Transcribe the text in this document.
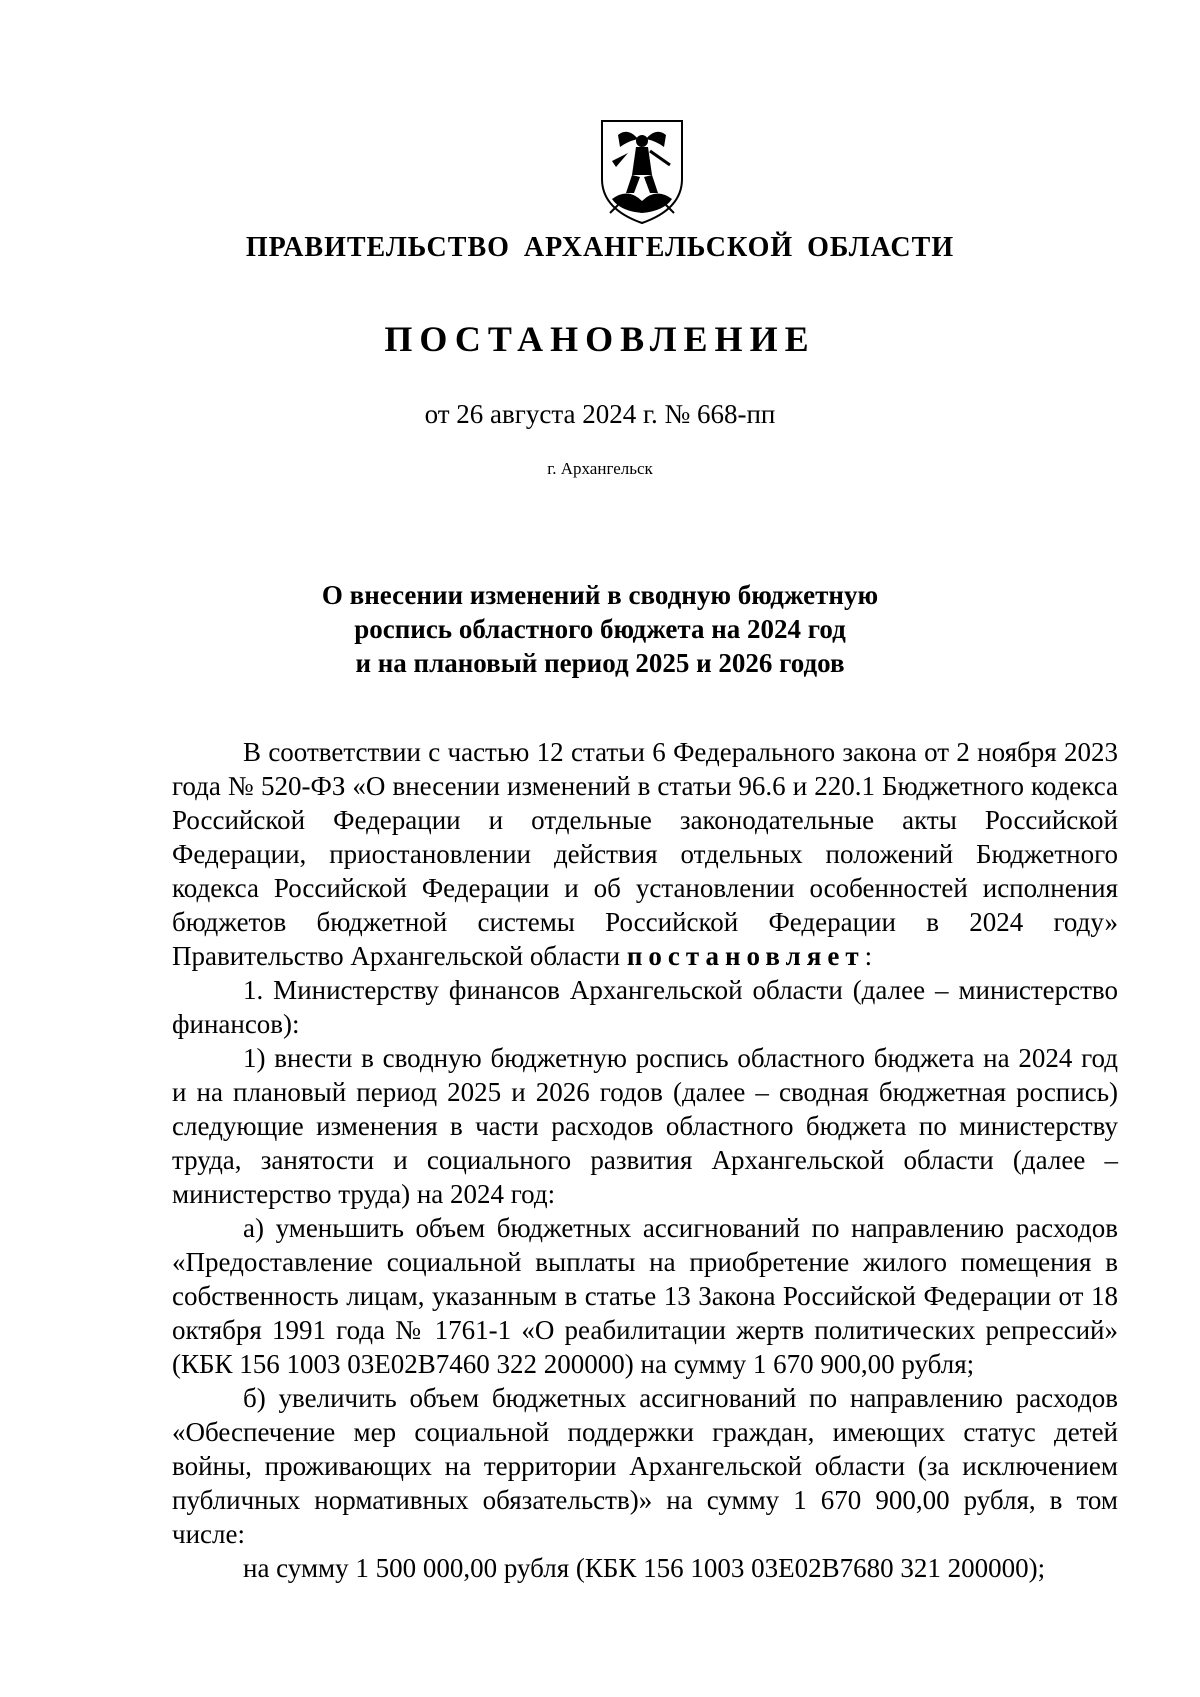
ПРАВИТЕЛЬСТВО АРХАНГЕЛЬСКОЙ ОБЛАСТИ
ПОСТАНОВЛЕНИЕ
от 26 августа 2024 г. № 668-пп
г. Архангельск
О внесении изменений в сводную бюджетную
роспись областного бюджета на 2024 год
и на плановый период 2025 и 2026 годов

В соответствии с частью 12 статьи 6 Федерального закона от 2 ноября 2023 года № 520-ФЗ «О внесении изменений в статьи 96.6 и 220.1 Бюджетного кодекса Российской Федерации и отдельные законодательные акты Российской Федерации, приостановлении действия отдельных положений Бюджетного кодекса Российской Федерации и об установлении особенностей исполнения бюджетов бюджетной системы Российской Федерации в 2024 году» Правительство Архангельской области постановляет:

1. Министерству финансов Архангельской области (далее – министерство финансов):

1) внести в сводную бюджетную роспись областного бюджета на 2024 год и на плановый период 2025 и 2026 годов (далее – сводная бюджетная роспись) следующие изменения в части расходов областного бюджета по министерству труда, занятости и социального развития Архангельской области (далее – министерство труда) на 2024 год:

а) уменьшить объем бюджетных ассигнований по направлению расходов «Предоставление социальной выплаты на приобретение жилого помещения в собственность лицам, указанным в статье 13 Закона Российской Федерации от 18 октября 1991 года № 1761-1 «О реабилитации жертв политических репрессий» (КБК 156 1003 03Е02В7460 322 200000) на сумму 1 670 900,00 рубля;

б) увеличить объем бюджетных ассигнований по направлению расходов «Обеспечение мер социальной поддержки граждан, имеющих статус детей войны, проживающих на территории Архангельской области (за исключением публичных нормативных обязательств)» на сумму 1 670 900,00 рубля, в том числе:

на сумму 1 500 000,00 рубля (КБК 156 1003 03Е02В7680 321 200000);
